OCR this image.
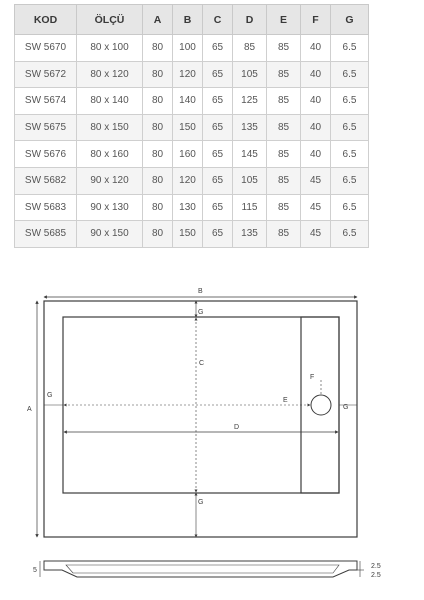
KOD	ÖLÇÜ	A	B	C	D	E	F	G
SW 5670	80 x 100	80	100	65	85	85	40	6.5
SW 5672	80 x 120	80	120	65	105	85	40	6.5
SW 5674	80 x 140	80	140	65	125	85	40	6.5
SW 5675	80 x 150	80	150	65	135	85	40	6.5
SW 5676	80 x 160	80	160	65	145	85	40	6.5
SW 5682	90 x 120	80	120	65	105	85	45	6.5
SW 5683	90 x 130	80	130	65	115	85	45	6.5
SW 5685	90 x 150	80	150	65	135	85	45	6.5
B
A
C
D
E
F
G
G
G
G
5
2.5
2.5
